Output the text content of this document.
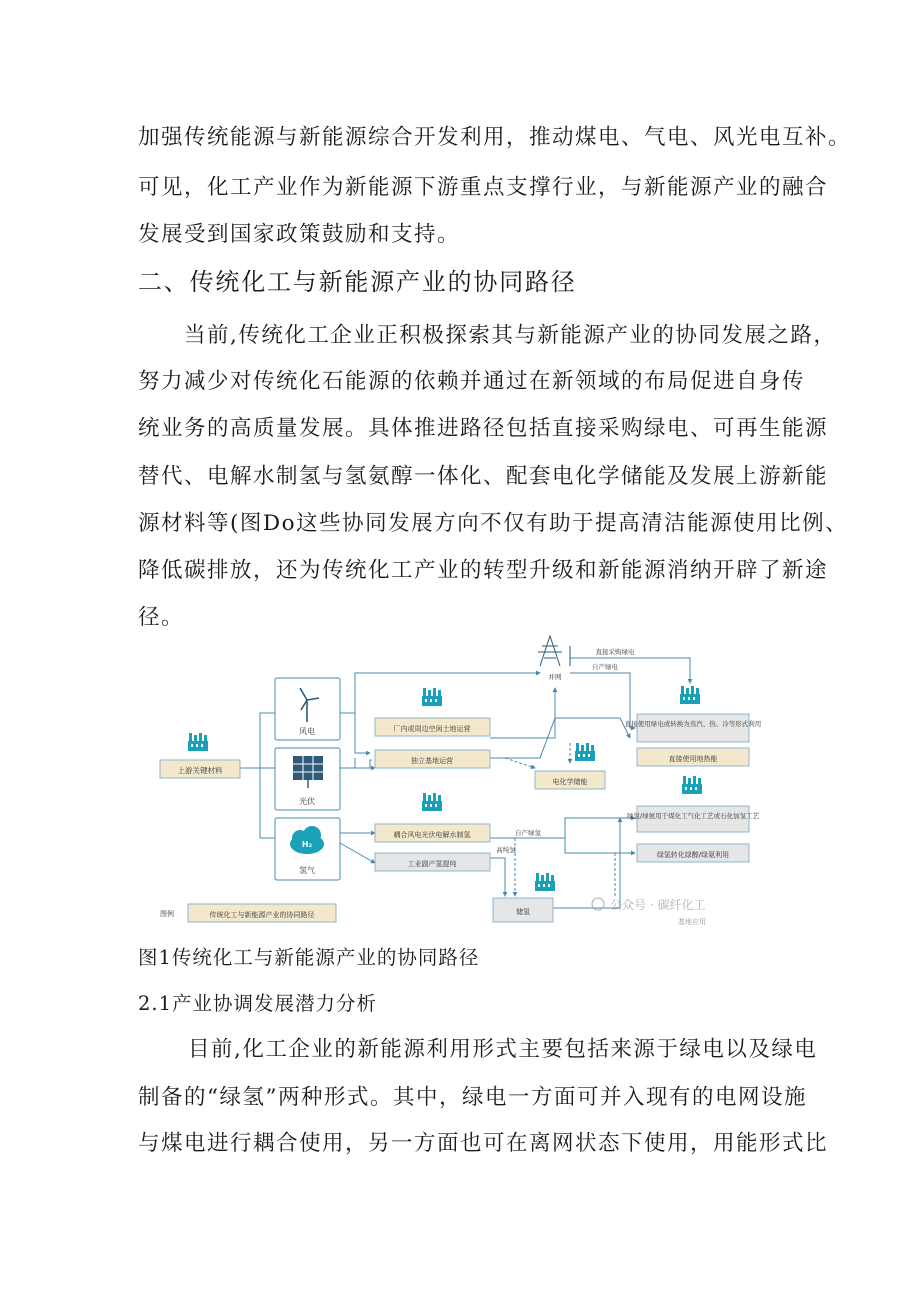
加强传统能源与新能源综合开发利用，推动煤电、气电、风光电互补。
可见，化工产业作为新能源下游重点支撑行业，与新能源产业的融合
发展受到国家政策鼓励和支持。
二、传统化工与新能源产业的协同路径
当前,传统化工企业正积极探索其与新能源产业的协同发展之路，
努力减少对传统化石能源的依赖并通过在新领域的布局促进自身传
统业务的高质量发展。具体推进路径包括直接采购绿电、可再生能源
替代、电解水制氢与氢氨醇一体化、配套电化学储能及发展上游新能
源材料等(图Do这些协同发展方向不仅有助于提高清洁能源使用比例、
降低碳排放，还为传统化工产业的转型升级和新能源消纳开辟了新途
径。
上游关键材料
风电
光伏
H₂
氢气
厂内或周边空闲土地运营
独立基地运营
耦合风电光伏电解水制氢
工业副产氢提纯
直接采购绿电
自产绿电
并网
电化学储能
直接使用绿电或转换为蒸汽、热、冷等形式利用
直接使用地热能
绿氢/绿氨用于煤化工气化工艺或石化加氢工艺
绿氢转化绿醇/绿氨利用
自产绿氢
高纯氢
储氢
图例	传统化工与新能源产业的协同路径
公众号 · 碳纤化工
基地应用
图1传统化工与新能源产业的协同路径
2.1产业协调发展潜力分析
目前,化工企业的新能源利用形式主要包括来源于绿电以及绿电
制备的“绿氢”两种形式。其中，绿电一方面可并入现有的电网设施
与煤电进行耦合使用，另一方面也可在离网状态下使用，用能形式比
